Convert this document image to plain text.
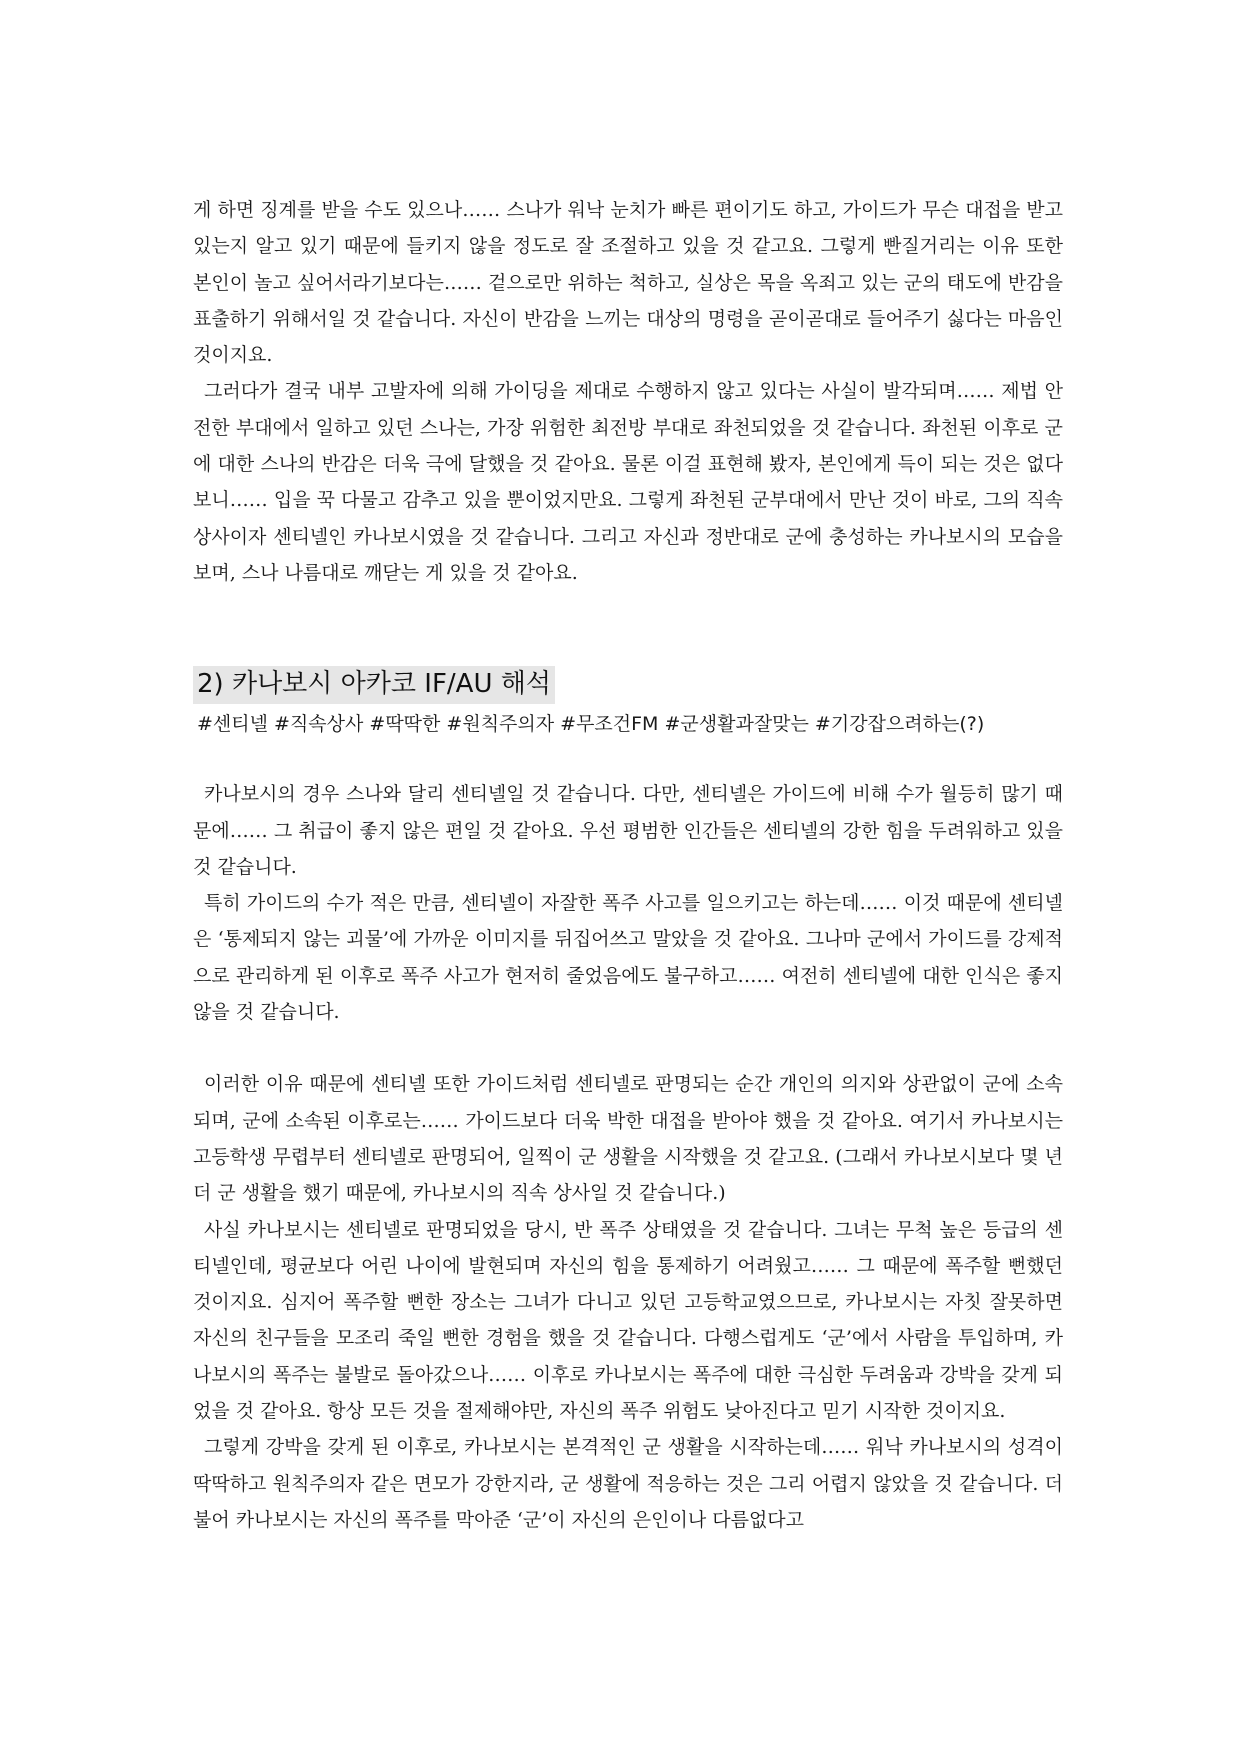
게 하면 징계를 받을 수도 있으나…… 스나가 워낙 눈치가 빠른 편이기도 하고, 가이드가 무슨 대접을 받고 있는지 알고 있기 때문에 들키지 않을 정도로 잘 조절하고 있을 것 같고요. 그렇게 빤질거리는 이유 또한 본인이 놀고 싶어서라기보다는…… 겉으로만 위하는 척하고, 실상은 목을 옥죄고 있는 군의 태도에 반감을 표출하기 위해서일 것 같습니다. 자신이 반감을 느끼는 대상의 명령을 곧이곧대로 들어주기 싫다는 마음인 것이지요.

그러다가 결국 내부 고발자에 의해 가이딩을 제대로 수행하지 않고 있다는 사실이 발각되며…… 제법 안전한 부대에서 일하고 있던 스나는, 가장 위험한 최전방 부대로 좌천되었을 것 같습니다. 좌천된 이후로 군에 대한 스나의 반감은 더욱 극에 달했을 것 같아요. 물론 이걸 표현해 봤자, 본인에게 득이 되는 것은 없다 보니…… 입을 꾹 다물고 감추고 있을 뿐이었지만요. 그렇게 좌천된 군부대에서 만난 것이 바로, 그의 직속 상사이자 센티넬인 카나보시였을 것 같습니다. 그리고 자신과 정반대로 군에 충성하는 카나보시의 모습을 보며, 스나 나름대로 깨닫는 게 있을 것 같아요.

2) 카나보시 아카코 IF/AU 해석

#센티넬 #직속상사 #딱딱한 #원칙주의자 #무조건FM #군생활과잘맞는 #기강잡으려하는(?)

카나보시의 경우 스나와 달리 센티넬일 것 같습니다. 다만, 센티넬은 가이드에 비해 수가 월등히 많기 때문에…… 그 취급이 좋지 않은 편일 것 같아요. 우선 평범한 인간들은 센티넬의 강한 힘을 두려워하고 있을 것 같습니다.

특히 가이드의 수가 적은 만큼, 센티넬이 자잘한 폭주 사고를 일으키고는 하는데…… 이것 때문에 센티넬은 ‘통제되지 않는 괴물’에 가까운 이미지를 뒤집어쓰고 말았을 것 같아요. 그나마 군에서 가이드를 강제적으로 관리하게 된 이후로 폭주 사고가 현저히 줄었음에도 불구하고…… 여전히 센티넬에 대한 인식은 좋지 않을 것 같습니다.

이러한 이유 때문에 센티넬 또한 가이드처럼 센티넬로 판명되는 순간 개인의 의지와 상관없이 군에 소속되며, 군에 소속된 이후로는…… 가이드보다 더욱 박한 대접을 받아야 했을 것 같아요. 여기서 카나보시는 고등학생 무렵부터 센티넬로 판명되어, 일찍이 군 생활을 시작했을 것 같고요. (그래서 카나보시보다 몇 년 더 군 생활을 했기 때문에, 카나보시의 직속 상사일 것 같습니다.)

사실 카나보시는 센티넬로 판명되었을 당시, 반 폭주 상태였을 것 같습니다. 그녀는 무척 높은 등급의 센티넬인데, 평균보다 어린 나이에 발현되며 자신의 힘을 통제하기 어려웠고…… 그 때문에 폭주할 뻔했던 것이지요. 심지어 폭주할 뻔한 장소는 그녀가 다니고 있던 고등학교였으므로, 카나보시는 자칫 잘못하면 자신의 친구들을 모조리 죽일 뻔한 경험을 했을 것 같습니다. 다행스럽게도 ‘군’에서 사람을 투입하며, 카나보시의 폭주는 불발로 돌아갔으나…… 이후로 카나보시는 폭주에 대한 극심한 두려움과 강박을 갖게 되었을 것 같아요. 항상 모든 것을 절제해야만, 자신의 폭주 위험도 낮아진다고 믿기 시작한 것이지요.

그렇게 강박을 갖게 된 이후로, 카나보시는 본격적인 군 생활을 시작하는데…… 워낙 카나보시의 성격이 딱딱하고 원칙주의자 같은 면모가 강한지라, 군 생활에 적응하는 것은 그리 어렵지 않았을 것 같습니다. 더불어 카나보시는 자신의 폭주를 막아준 ‘군’이 자신의 은인이나 다름없다고
